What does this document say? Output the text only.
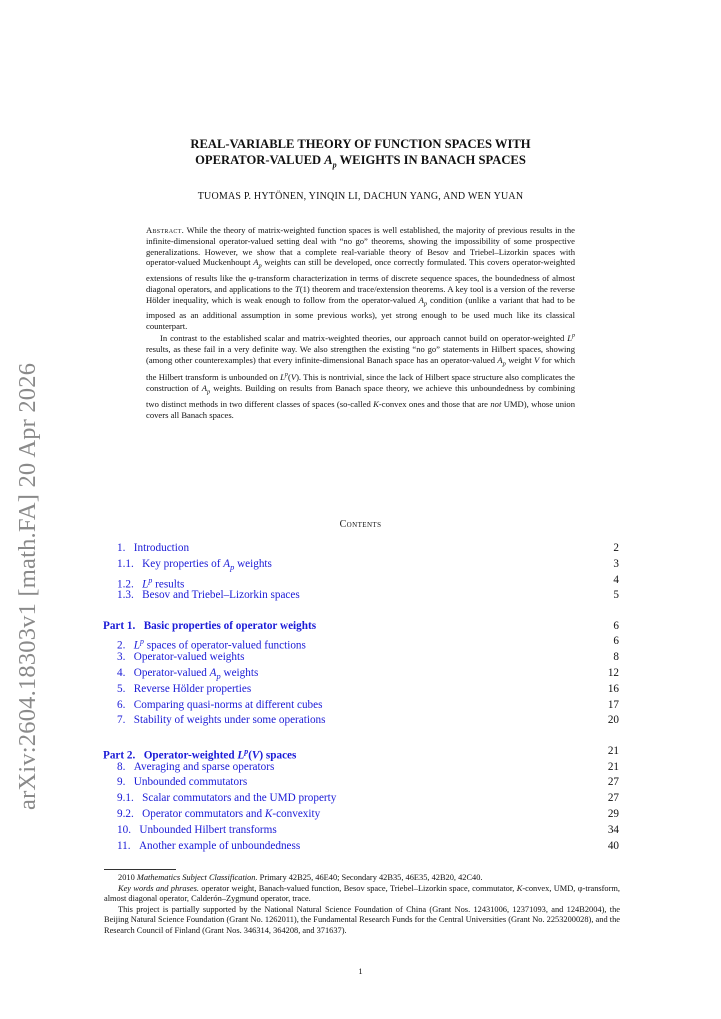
arXiv:2604.18303v1 [math.FA] 20 Apr 2026
REAL-VARIABLE THEORY OF FUNCTION SPACES WITH
OPERATOR-VALUED $A_p$ WEIGHTS IN BANACH SPACES
TUOMAS P. HYTÖNEN, YINQIN LI, DACHUN YANG, AND WEN YUAN

Abstract. While the theory of matrix-weighted function spaces is well established, the majority of previous results in the infinite-dimensional operator-valued setting deal with “no go” theorems, showing the impossibility of some prospective generalizations. However, we show that a complete real-variable theory of Besov and Triebel–Lizorkin spaces with operator-valued Muckenhoupt $A_p$ weights can still be developed, once correctly formulated. This covers operator-weighted extensions of results like the φ-transform characterization in terms of discrete sequence spaces, the boundedness of almost diagonal operators, and applications to the T(1) theorem and trace/extension theorems. A key tool is a version of the reverse Hölder inequality, which is weak enough to follow from the operator-valued $A_p$ condition (unlike a variant that had to be imposed as an additional assumption in some previous works), yet strong enough to be used much like its classical counterpart.

In contrast to the established scalar and matrix-weighted theories, our approach cannot build on operator-weighted $L^p$ results, as these fail in a very definite way. We also strengthen the existing “no go” statements in Hilbert spaces, showing (among other counterexamples) that every infinite-dimensional Banach space has an operator-valued $A_p$ weight V for which the Hilbert transform is unbounded on $L^p(V)$. This is nontrivial, since the lack of Hilbert space structure also complicates the construction of $A_p$ weights. Building on results from Banach space theory, we achieve this unboundedness by combining two distinct methods in two different classes of spaces (so-called K-convex ones and those that are not UMD), whose union covers all Banach spaces.

Contents
1.   Introduction	2
1.1.   Key properties of $A_p$ weights	3
1.2.   $L^p$ results	4
1.3.   Besov and Triebel–Lizorkin spaces	5
Part 1.   Basic properties of operator weights	6
2.   $L^p$ spaces of operator-valued functions	6
3.   Operator-valued weights	8
4.   Operator-valued $A_p$ weights	12
5.   Reverse Hölder properties	16
6.   Comparing quasi-norms at different cubes	17
7.   Stability of weights under some operations	20
Part 2.   Operator-weighted $L^p(V)$ spaces	21
8.   Averaging and sparse operators	21
9.   Unbounded commutators	27
9.1.   Scalar commutators and the UMD property	27
9.2.   Operator commutators and K-convexity	29
10.   Unbounded Hilbert transforms	34
11.   Another example of unboundedness	40

2010 Mathematics Subject Classification. Primary 42B25, 46E40; Secondary 42B35, 46E35, 42B20, 42C40.

Key words and phrases. operator weight, Banach-valued function, Besov space, Triebel–Lizorkin space, commutator, K-convex, UMD, φ-transform, almost diagonal operator, Calderón–Zygmund operator, trace.

This project is partially supported by the National Natural Science Foundation of China (Grant Nos. 12431006, 12371093, and 124B2004), the Beijing Natural Science Foundation (Grant No. 1262011), the Fundamental Research Funds for the Central Universities (Grant No. 2253200028), and the Research Council of Finland (Grant Nos. 346314, 364208, and 371637).

1
